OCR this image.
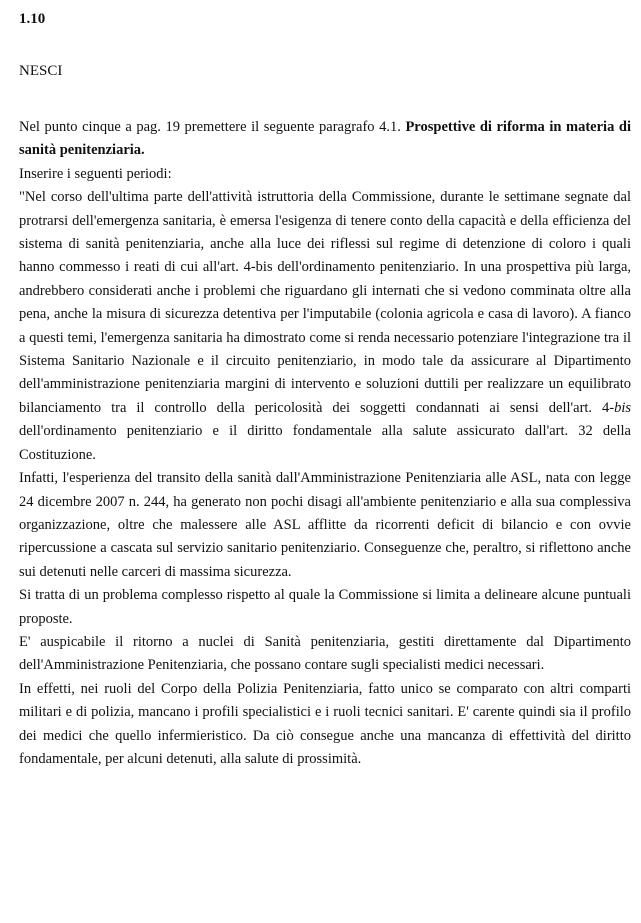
1.10
NESCI

Nel punto cinque a pag. 19 premettere il seguente paragrafo 4.1. Prospettive di riforma in materia di sanità penitenziaria.

Inserire i seguenti periodi:

"Nel corso dell'ultima parte dell'attività istruttoria della Commissione, durante le settimane segnate dal protrarsi dell'emergenza sanitaria, è emersa l'esigenza di tenere conto della capacità e della efficienza del sistema di sanità penitenziaria, anche alla luce dei riflessi sul regime di detenzione di coloro i quali hanno commesso i reati di cui all'art. 4-bis dell'ordinamento penitenziario. In una prospettiva più larga, andrebbero considerati anche i problemi che riguardano gli internati che si vedono comminata oltre alla pena, anche la misura di sicurezza detentiva per l'imputabile (colonia agricola e casa di lavoro). A fianco a questi temi, l'emergenza sanitaria ha dimostrato come si renda necessario potenziare l'integrazione tra il Sistema Sanitario Nazionale e il circuito penitenziario, in modo tale da assicurare al Dipartimento dell'amministrazione penitenziaria margini di intervento e soluzioni duttili per realizzare un equilibrato bilanciamento tra il controllo della pericolosità dei soggetti condannati ai sensi dell'art. 4-bis dell'ordinamento penitenziario e il diritto fondamentale alla salute assicurato dall'art. 32 della Costituzione.

Infatti, l'esperienza del transito della sanità dall'Amministrazione Penitenziaria alle ASL, nata con legge 24 dicembre 2007 n. 244, ha generato non pochi disagi all'ambiente penitenziario e alla sua complessiva organizzazione, oltre che malessere alle ASL afflitte da ricorrenti deficit di bilancio e con ovvie ripercussione a cascata sul servizio sanitario penitenziario. Conseguenze che, peraltro, si riflettono anche sui detenuti nelle carceri di massima sicurezza.

Si tratta di un problema complesso rispetto al quale la Commissione si limita a delineare alcune puntuali proposte.

E' auspicabile il ritorno a nuclei di Sanità penitenziaria, gestiti direttamente dal Dipartimento dell'Amministrazione Penitenziaria, che possano contare sugli specialisti medici necessari.

In effetti, nei ruoli del Corpo della Polizia Penitenziaria, fatto unico se comparato con altri comparti militari e di polizia, mancano i profili specialistici e i ruoli tecnici sanitari. E' carente quindi sia il profilo dei medici che quello infermieristico. Da ciò consegue anche una mancanza di effettività del diritto fondamentale, per alcuni detenuti, alla salute di prossimità.
